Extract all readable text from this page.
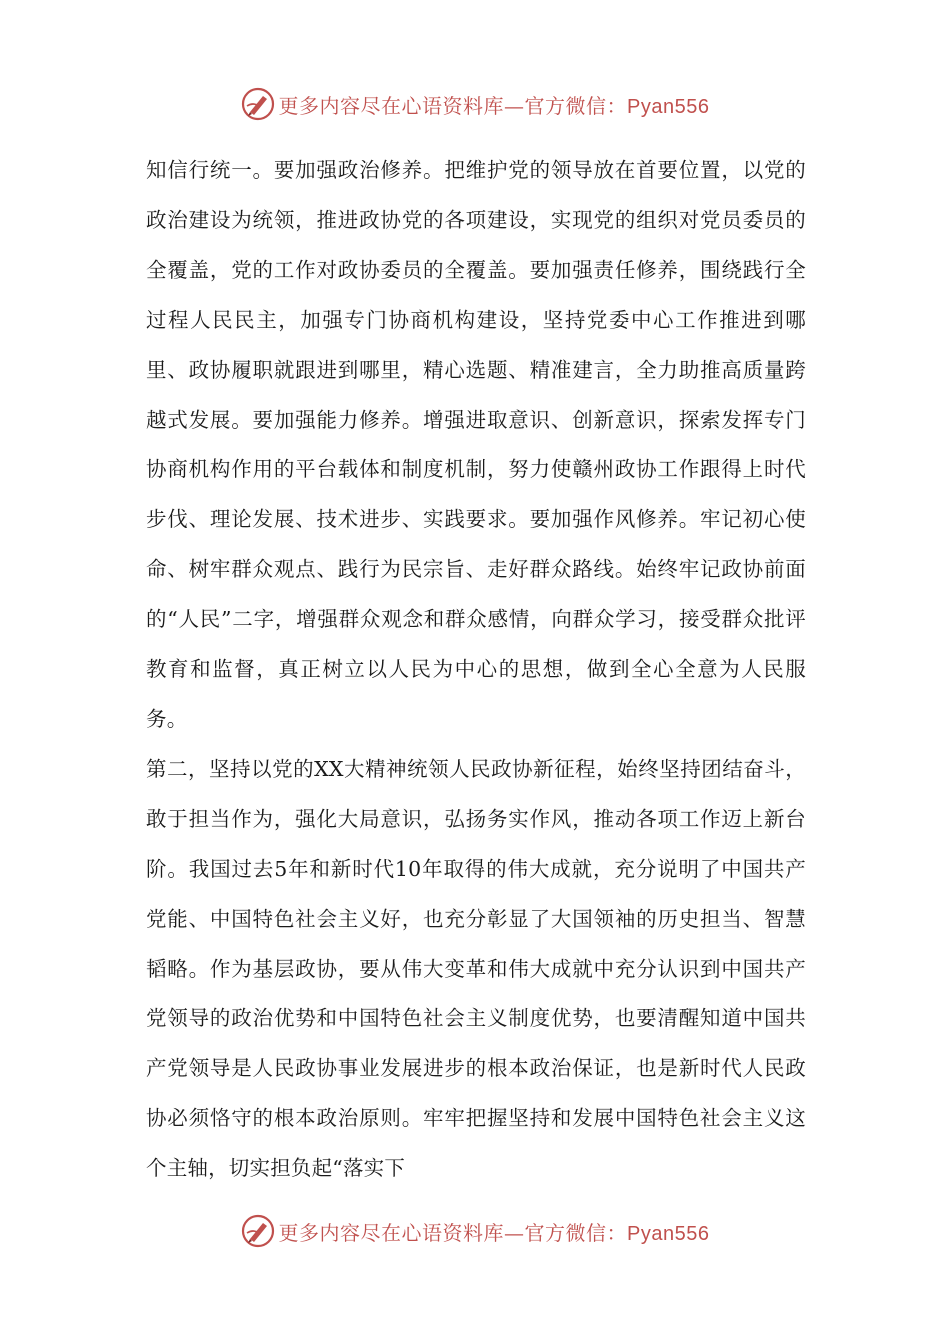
更多内容尽在心语资料库—官方微信：Pyan556

知信行统一。要加强政治修养。把维护党的领导放在首要位置，以党的政治建设为统领，推进政协党的各项建设，实现党的组织对党员委员的全覆盖，党的工作对政协委员的全覆盖。要加强责任修养，围绕践行全过程人民民主，加强专门协商机构建设，坚持党委中心工作推进到哪里、政协履职就跟进到哪里，精心选题、精准建言，全力助推高质量跨越式发展。要加强能力修养。增强进取意识、创新意识，探索发挥专门协商机构作用的平台载体和制度机制，努力使赣州政协工作跟得上时代步伐、理论发展、技术进步、实践要求。要加强作风修养。牢记初心使命、树牢群众观点、践行为民宗旨、走好群众路线。始终牢记政协前面的“人民”二字，增强群众观念和群众感情，向群众学习，接受群众批评教育和监督，真正树立以人民为中心的思想，做到全心全意为人民服务。

第二，坚持以党的XX大精神统领人民政协新征程，始终坚持团结奋斗，敢于担当作为，强化大局意识，弘扬务实作风，推动各项工作迈上新台阶。我国过去5年和新时代10年取得的伟大成就，充分说明了中国共产党能、中国特色社会主义好，也充分彰显了大国领袖的历史担当、智慧韬略。作为基层政协，要从伟大变革和伟大成就中充分认识到中国共产党领导的政治优势和中国特色社会主义制度优势，也要清醒知道中国共产党领导是人民政协事业发展进步的根本政治保证，也是新时代人民政协必须恪守的根本政治原则。牢牢把握坚持和发展中国特色社会主义这个主轴，切实担负起“落实下

更多内容尽在心语资料库—官方微信：Pyan556
